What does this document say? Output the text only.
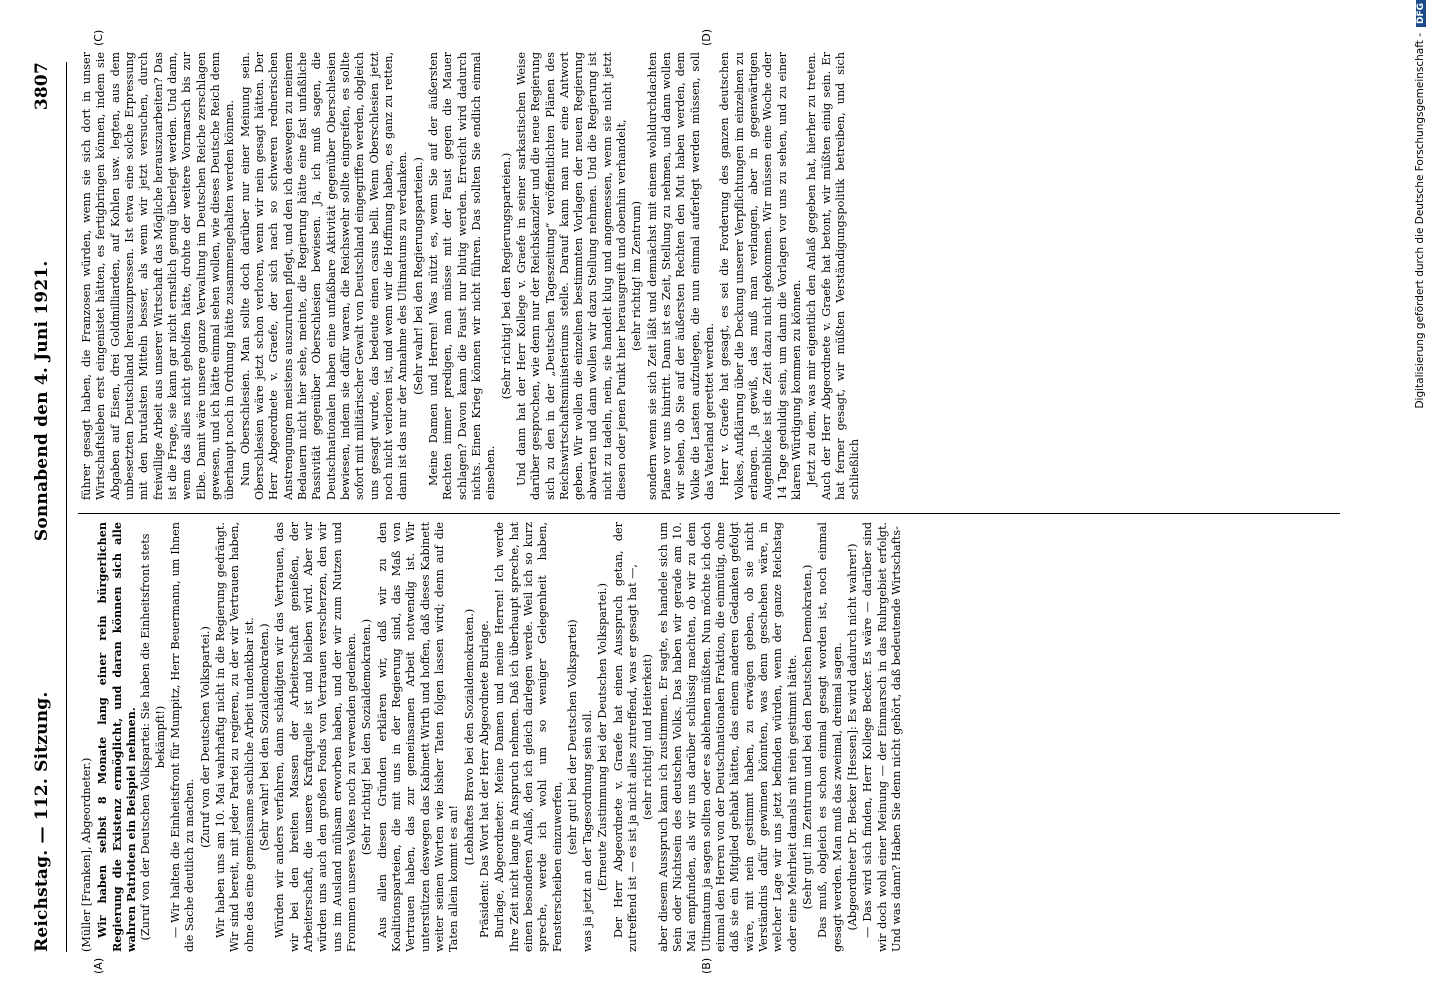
Reichstag. — 112. Sitzung.
Sonnabend den 4. Juni 1921.
3807
(A)	(B)
(C)	(D)

(Müller [Franken], Abgeordneter.) Wir haben selbst 8 Monate lang einer rein bürgerlichen Regierung die Existenz ermöglicht, und daran können sich alle wahren Patrioten ein Beispiel nehmen. (Zuruf von der Deutschen Volkspartei: Sie haben die Einheitsfront stets bekämpft!) — Wir halten die Einheitsfront für Mumpitz, Herr Beuermann, um Ihnen die Sache deutlich zu machen.

(Zuruf von der Deutschen Volkspartei.) Wir haben uns am 10. Mai wahrhaftig nicht in die Regierung gedrängt. Wir sind bereit, mit jeder Partei zu regieren, zu der wir Vertrauen haben, ohne das eine gemeinsame sachliche Arbeit undenkbar ist. (Sehr wahr! bei den Sozialdemokraten.) Würden wir anders verfahren, dann schädigten wir das Vertrauen, das wir bei den breiten Massen der Arbeiterschaft genießen, der Arbeiterschaft, die unsere Kraftquelle ist und bleiben wird. Aber wir würden uns auch den großen Fonds von Vertrauen verscherzen, den wir uns im Ausland mühsam erworben haben, und der wir zum Nutzen und Frommen unseres Volkes noch zu verwenden gedenken. (Sehr richtig! bei den Sozialdemokraten.) Aus allen diesen Gründen erklären wir, daß wir zu den Koalitionsparteien, die mit uns in der Regierung sind, das Maß von Vertrauen haben, das zur gemeinsamen Arbeit notwendig ist. Wir unterstützen deswegen das Kabinett Wirth und hoffen, daß dieses Kabinett weiter seinen Worten wie bisher Taten folgen lassen wird; denn auf die Taten allein kommt es an!

(Lebhaftes Bravo bei den Sozialdemokraten.) Präsident: Das Wort hat der Herr Abgeordnete Burlage. Burlage, Abgeordneter: Meine Damen und meine Herren! Ich werde Ihre Zeit nicht lange in Anspruch nehmen. Daß ich überhaupt spreche, hat einen besonderen Anlaß, den ich gleich darlegen werde. Weil ich so kurz spreche, werde ich wohl um so weniger Gelegenheit haben, Fensterscheiben einzuwerfen,

(sehr gut! bei der Deutschen Volkspartei) was ja jetzt an der Tagesordnung sein soll. (Erneute Zustimmung bei der Deutschen Volkspartei.) Der Herr Abgeordnete v. Graefe hat einen Ausspruch getan, der zutreffend ist — es ist ja nicht alles zutreffend, was er gesagt hat —, (sehr richtig! und Heiterkeit) aber diesem Ausspruch kann ich zustimmen. Er sagte, es handele sich um Sein oder Nichtsein des deutschen Volks. Das haben wir gerade am 10. Mai empfunden, als wir uns darüber schlüssig machten, ob wir zu dem Ultimatum ja sagen sollten oder es ablehnen müßten. Nun möchte ich doch einmal den Herren von der Deutschnationalen Fraktion, die einmütig, ohne daß sie ein Mitglied gehabt hätten, das einem anderen Gedanken gefolgt wäre, mit nein gestimmt haben, zu erwägen geben, ob sie nicht Verständnis dafür gewinnen könnten, was denn geschehen wäre, in welcher Lage wir uns jetzt befinden würden, wenn der ganze Reichstag oder eine Mehrheit damals mit nein gestimmt hätte. (Sehr gut! im Zentrum und bei den Deutschen Demokraten.) Das muß, obgleich es schon einmal gesagt worden ist, noch einmal gesagt werden. Man muß das zweimal, dreimal sagen. (Abgeordneter Dr. Becker [Hessen]: Es wird dadurch nicht wahrer!) — Das wird sich finden, Herr Kollege Becker. Es wäre — darüber sind wir doch wohl einer Meinung — der Einmarsch in das Ruhrgebiet erfolgt. Und was dann? Haben Sie denn nicht gehört, daß bedeutende Wirtschafts-

führer gesagt haben, die Franzosen würden, wenn sie sich dort in unser Wirtschaftsleben erst eingenistet hätten, es fertigbringen können, indem sie Abgaben auf Eisen, drei Goldmilliarden, auf Kohlen usw. legten, aus dem unbesetzten Deutschland herauszupressen. Ist etwa eine solche Erpressung mit den brutalsten Mitteln besser, als wenn wir jetzt versuchen, durch freiwillige Arbeit aus unserer Wirtschaft das Mögliche herauszuarbeiten? Das ist die Frage, sie kann gar nicht ernstlich genug überlegt werden. Und dann, wenn das alles nicht geholfen hätte, drohte der weitere Vormarsch bis zur Elbe. Damit wäre unsere ganze Verwaltung im Deutschen Reiche zerschlagen gewesen, und ich hätte einmal sehen wollen, wie dieses Deutsche Reich denn überhaupt noch in Ordnung hätte zusammengehalten werden können. Nun Oberschlesien. Man sollte doch darüber nur einer Meinung sein. Oberschlesien wäre jetzt schon verloren, wenn wir nein gesagt hätten. Der Herr Abgeordnete v. Graefe, der sich nach so schweren rednerischen Anstrengungen meistens auszuruhen pflegt, und den ich deswegen zu meinem Bedauern nicht hier sehe, meinte, die Regierung hätte eine fast unfaßliche Passivität gegenüber Oberschlesien bewiesen. Ja, ich muß sagen, die Deutschnationalen haben eine unfaßbare Aktivität gegenüber Oberschlesien bewiesen, indem sie dafür waren, die Reichswehr sollte eingreifen, es sollte sofort mit militärischer Gewalt von Deutschland eingegriffen werden, obgleich uns gesagt wurde, das bedeute einen casus belli. Wenn Oberschlesien jetzt noch nicht verloren ist, und wenn wir die Hoffnung haben, es ganz zu retten, dann ist das nur der Annahme des Ultimatums zu verdanken. (Sehr wahr! bei den Regierungsparteien.) Meine Damen und Herren! Was nützt es, wenn Sie auf der äußersten Rechten immer predigen, man müsse mit der Faust gegen die Mauer schlagen? Davon kann die Faust nur blutig werden. Erreicht wird dadurch nichts. Einen Krieg können wir nicht führen. Das sollten Sie endlich einmal einsehen.

(Sehr richtig! bei den Regierungsparteien.) Und dann hat der Herr Kollege v. Graefe in seiner sarkastischen Weise darüber gesprochen, wie denn nur der Reichskanzler und die neue Regierung sich zu den in der „Deutschen Tageszeitung“ veröffentlichten Plänen des Reichswirtschaftsministeriums stelle. Darauf kann man nur eine Antwort geben. Wir wollen die einzelnen bestimmten Vorlagen der neuen Regierung abwarten und dann wollen wir dazu Stellung nehmen. Und die Regierung ist nicht zu tadeln, nein, sie handelt klug und angemessen, wenn sie nicht jetzt diesen oder jenen Punkt hier herausgreift und obenhin verhandelt, (sehr richtig! im Zentrum) sondern wenn sie sich Zeit läßt und demnächst mit einem wohldurchdachten Plane vor uns hintritt. Dann ist es Zeit, Stellung zu nehmen, und dann wollen wir sehen, ob Sie auf der äußersten Rechten den Mut haben werden, dem Volke die Lasten aufzulegen, die nun einmal auferlegt werden müssen, soll das Vaterland gerettet werden. Herr v. Graefe hat gesagt, es sei die Forderung des ganzen deutschen Volkes, Aufklärung über die Deckung unserer Verpflichtungen im einzelnen zu erlangen. Ja gewiß, das muß man verlangen, aber in gegenwärtigen Augenblicke ist die Zeit dazu nicht gekommen. Wir müssen eine Woche oder 14 Tage geduldig sein, um dann die Vorlagen vor uns zu sehen, und zu einer klaren Würdigung kommen zu können. Jetzt zu dem, was mir eigentlich den Anlaß gegeben hat, hierher zu treten. Auch der Herr Abgeordnete v. Graefe hat betont, wir müßten einig sein. Er hat ferner gesagt, wir müßten Verständigungspolitik betreiben, und sich schließlich

Digitalisierung gefördert durch die Deutsche Forschungsgemeinschaft -DFG
